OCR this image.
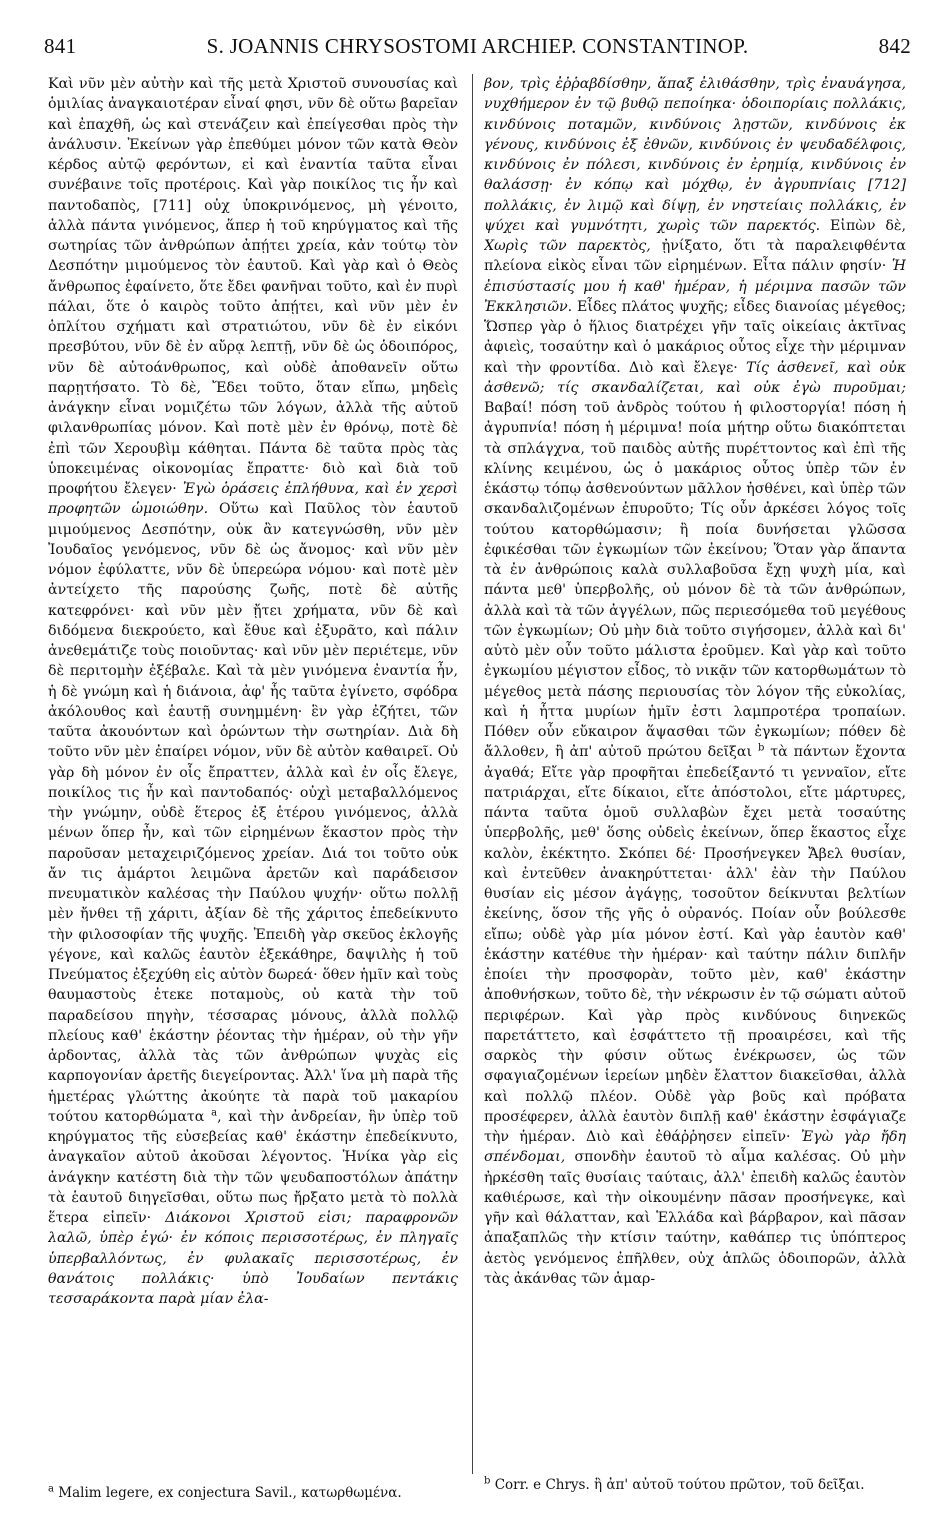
841	S. JOANNIS CHRYSOSTOMI ARCHIEP. CONSTANTINOP.	842

Καὶ νῦν μὲν αὐτὴν καὶ τῆς μετὰ Χριστοῦ συνουσίας καὶ ὁμιλίας ἀναγκαιοτέραν εἶναί φησι, νῦν δὲ οὕτω βαρεῖαν καὶ ἐπαχθῆ, ὡς καὶ στενάζειν καὶ ἐπείγεσθαι πρὸς τὴν ἀνάλυσιν. Ἐκείνων γὰρ ἐπεθύμει μόνον τῶν κατὰ Θεὸν κέρδος αὐτῷ φερόντων, εἰ καὶ ἐναντία ταῦτα εἶναι συνέβαινε τοῖς προτέροις. Καὶ γὰρ ποικίλος τις ἦν καὶ παντοδαπὸς, [711] οὐχ ὑποκρινόμενος, μὴ γένοιτο, ἀλλὰ πάντα γινόμενος, ἅπερ ἡ τοῦ κηρύγματος καὶ τῆς σωτηρίας τῶν ἀνθρώπων ἀπῄτει χρεία, κἀν τούτῳ τὸν Δεσπότην μιμούμενος τὸν ἑαυτοῦ. Καὶ γὰρ καὶ ὁ Θεὸς ἄνθρωπος ἐφαίνετο, ὅτε ἔδει φανῆναι τοῦτο, καὶ ἐν πυρὶ πάλαι, ὅτε ὁ καιρὸς τοῦτο ἀπῄτει, καὶ νῦν μὲν ἐν ὁπλίτου σχήματι καὶ στρατιώτου, νῦν δὲ ἐν εἰκόνι πρεσβύτου, νῦν δὲ ἐν αὔρᾳ λεπτῇ, νῦν δὲ ὡς ὁδοιπόρος, νῦν δὲ αὐτοάνθρωπος, καὶ οὐδὲ ἀποθανεῖν οὕτω παρῃτήσατο. Τὸ δὲ, Ἔδει τοῦτο, ὅταν εἴπω, μηδεὶς ἀνάγκην εἶναι νομιζέτω τῶν λόγων, ἀλλὰ τῆς αὐτοῦ φιλανθρωπίας μόνον. Καὶ ποτὲ μὲν ἐν θρόνῳ, ποτὲ δὲ ἐπὶ τῶν Χερουβὶμ κάθηται. Πάντα δὲ ταῦτα πρὸς τὰς ὑποκειμένας οἰκονομίας ἔπραττε· διὸ καὶ διὰ τοῦ προφήτου ἔλεγεν· Ἐγὼ ὁράσεις ἐπλήθυνα, καὶ ἐν χερσὶ προφητῶν ὡμοιώθην. Οὕτω καὶ Παῦλος τὸν ἑαυτοῦ μιμούμενος Δεσπότην, οὐκ ἂν κατεγνώσθη, νῦν μὲν Ἰουδαῖος γενόμενος, νῦν δὲ ὡς ἄνομος· καὶ νῦν μὲν νόμον ἐφύλαττε, νῦν δὲ ὑπερεώρα νόμου· καὶ ποτὲ μὲν ἀντείχετο τῆς παρούσης ζωῆς, ποτὲ δὲ αὐτῆς κατεφρόνει· καὶ νῦν μὲν ᾔτει χρήματα, νῦν δὲ καὶ διδόμενα διεκρούετο, καὶ ἔθυε καὶ ἐξυρᾶτο, καὶ πάλιν ἀνεθεμάτιζε τοὺς ποιοῦντας· καὶ νῦν μὲν περιέτεμε, νῦν δὲ περιτομὴν ἐξέβαλε. Καὶ τὰ μὲν γινόμενα ἐναντία ἦν, ἡ δὲ γνώμη καὶ ἡ διάνοια, ἀφ' ἧς ταῦτα ἐγίνετο, σφόδρα ἀκόλουθος καὶ ἑαυτῇ συνημμένη· ἓν γὰρ ἐζήτει, τῶν ταῦτα ἀκουόντων καὶ ὁρώντων τὴν σωτηρίαν. Διὰ δὴ τοῦτο νῦν μὲν ἐπαίρει νόμον, νῦν δὲ αὐτὸν καθαιρεῖ. Οὐ γὰρ δὴ μόνον ἐν οἷς ἔπραττεν, ἀλλὰ καὶ ἐν οἷς ἔλεγε, ποικίλος τις ἦν καὶ παντοδαπός· οὐχὶ μεταβαλλόμενος τὴν γνώμην, οὐδὲ ἕτερος ἐξ ἑτέρου γινόμενος, ἀλλὰ μένων ὅπερ ἦν, καὶ τῶν εἰρημένων ἕκαστον πρὸς τὴν παροῦσαν μεταχειριζόμενος χρείαν. Διά τοι τοῦτο οὐκ ἄν τις ἁμάρτοι λειμῶνα ἀρετῶν καὶ παράδεισον πνευματικὸν καλέσας τὴν Παύλου ψυχήν· οὕτω πολλῇ μὲν ἤνθει τῇ χάριτι, ἀξίαν δὲ τῆς χάριτος ἐπεδείκνυτο τὴν φιλοσοφίαν τῆς ψυχῆς. Ἐπειδὴ γὰρ σκεῦος ἐκλογῆς γέγονε, καὶ καλῶς ἑαυτὸν ἐξεκάθηρε, δαψιλὴς ἡ τοῦ Πνεύματος ἐξεχύθη εἰς αὐτὸν δωρεά· ὅθεν ἡμῖν καὶ τοὺς θαυμαστοὺς ἐτεκε ποταμοὺς, οὐ κατὰ τὴν τοῦ παραδείσου πηγὴν, τέσσαρας μόνους, ἀλλὰ πολλῷ πλείους καθ' ἑκάστην ῥέοντας τὴν ἡμέραν, οὐ τὴν γῆν ἀρδοντας, ἀλλὰ τὰς τῶν ἀνθρώπων ψυχὰς εἰς καρπογονίαν ἀρετῆς διεγείροντας. Ἀλλ' ἵνα μὴ παρὰ τῆς ἡμετέρας γλώττης ἀκούητε τὰ παρὰ τοῦ μακαρίου τούτου κατορθώματα $^a$, καὶ τὴν ἀνδρείαν, ἣν ὑπὲρ τοῦ κηρύγματος τῆς εὐσεβείας καθ' ἑκάστην ἐπεδείκνυτο, ἀναγκαῖον αὐτοῦ ἀκοῦσαι λέγοντος. Ἡνίκα γὰρ εἰς ἀνάγκην κατέστη διὰ τὴν τῶν ψευδαποστόλων ἀπάτην τὰ ἑαυτοῦ διηγεῖσθαι, οὕτω πως ἤρξατο μετὰ τὸ πολλὰ ἕτερα εἰπεῖν· Διάκονοι Χριστοῦ εἰσι; παραφρονῶν λαλῶ, ὑπὲρ ἐγώ· ἐν κόποις περισσοτέρως, ἐν πληγαῖς ὑπερβαλλόντως, ἐν φυλακαῖς περισσοτέρως, ἐν θανάτοις πολλάκις· ὑπὸ Ἰουδαίων πεντάκις τεσσαράκοντα παρὰ μίαν ἐλα-

βον, τρὶς ἐῤῥαβδίσθην, ἅπαξ ἐλιθάσθην, τρὶς ἐναυάγησα, νυχθήμερον ἐν τῷ βυθῷ πεποίηκα· ὁδοιπορίαις πολλάκις, κινδύνοις ποταμῶν, κινδύνοις λῃστῶν, κινδύνοις ἐκ γένους, κινδύνοις ἐξ ἐθνῶν, κινδύνοις ἐν ψευδαδέλφοις, κινδύνοις ἐν πόλεσι, κινδύνοις ἐν ἐρημίᾳ, κινδύνοις ἐν θαλάσσῃ· ἐν κόπῳ καὶ μόχθῳ, ἐν ἀγρυπνίαις [712] πολλάκις, ἐν λιμῷ καὶ δίψῃ, ἐν νηστείαις πολλάκις, ἐν ψύχει καὶ γυμνότητι, χωρὶς τῶν παρεκτός. Εἰπὼν δὲ, Χωρὶς τῶν παρεκτὸς, ᾐνίξατο, ὅτι τὰ παραλειφθέντα πλείονα εἰκὸς εἶναι τῶν εἰρημένων. Εἶτα πάλιν φησίν· Ἡ ἐπισύστασίς μου ἡ καθ' ἡμέραν, ἡ μέριμνα πασῶν τῶν Ἐκκλησιῶν. Εἶδες πλάτος ψυχῆς; εἶδες διανοίας μέγεθος; Ὥσπερ γὰρ ὁ ἥλιος διατρέχει γῆν ταῖς οἰκείαις ἀκτῖνας ἀφιεὶς, τοσαύτην καὶ ὁ μακάριος οὗτος εἶχε τὴν μέριμναν καὶ τὴν φροντίδα. Διὸ καὶ ἔλεγε· Τίς ἀσθενεῖ, καὶ οὐκ ἀσθενῶ; τίς σκανδαλίζεται, καὶ οὐκ ἐγὼ πυροῦμαι; Βαβαί! πόση τοῦ ἀνδρὸς τούτου ἡ φιλοστοργία! πόση ἡ ἀγρυπνία! πόση ἡ μέριμνα! ποία μήτηρ οὕτω διακόπτεται τὰ σπλάγχνα, τοῦ παιδὸς αὐτῆς πυρέττοντος καὶ ἐπὶ τῆς κλίνης κειμένου, ὡς ὁ μακάριος οὗτος ὑπὲρ τῶν ἐν ἑκάστῳ τόπῳ ἀσθενούντων μᾶλλον ἠσθένει, καὶ ὑπὲρ τῶν σκανδαλιζομένων ἐπυροῦτο; Τίς οὖν ἀρκέσει λόγος τοῖς τούτου κατορθώμασιν; ἢ ποία δυνήσεται γλῶσσα ἐφικέσθαι τῶν ἐγκωμίων τῶν ἐκείνου; Ὅταν γὰρ ἅπαντα τὰ ἐν ἀνθρώποις καλὰ συλλαβοῦσα ἔχῃ ψυχὴ μία, καὶ πάντα μεθ' ὑπερβολῆς, οὐ μόνον δὲ τὰ τῶν ἀνθρώπων, ἀλλὰ καὶ τὰ τῶν ἀγγέλων, πῶς περιεσόμεθα τοῦ μεγέθους τῶν ἐγκωμίων; Οὐ μὴν διὰ τοῦτο σιγήσομεν, ἀλλὰ καὶ δι' αὐτὸ μὲν οὖν τοῦτο μάλιστα ἐροῦμεν. Καὶ γὰρ καὶ τοῦτο ἐγκωμίου μέγιστον εἶδος, τὸ νικᾷν τῶν κατορθωμάτων τὸ μέγεθος μετὰ πάσης περιουσίας τὸν λόγον τῆς εὐκολίας, καὶ ἡ ἧττα μυρίων ἡμῖν ἐστι λαμπροτέρα τροπαίων. Πόθεν οὖν εὔκαιρον ἅψασθαι τῶν ἐγκωμίων; πόθεν δὲ ἄλλοθεν, ἢ ἀπ' αὐτοῦ πρώτου δεῖξαι $^b$ τὰ πάντων ἔχοντα ἀγαθά; Εἴτε γὰρ προφῆται ἐπεδείξαντό τι γενναῖον, εἴτε πατριάρχαι, εἴτε δίκαιοι, εἴτε ἀπόστολοι, εἴτε μάρτυρες, πάντα ταῦτα ὁμοῦ συλλαβὼν ἔχει μετὰ τοσαύτης ὑπερβολῆς, μεθ' ὅσης οὐδεὶς ἐκείνων, ὅπερ ἕκαστος εἶχε καλὸν, ἐκέκτητο. Σκόπει δέ· Προσήνεγκεν Ἄβελ θυσίαν, καὶ ἐντεῦθεν ἀνακηρύττεται· ἀλλ' ἐὰν τὴν Παύλου θυσίαν εἰς μέσον ἀγάγῃς, τοσοῦτον δείκνυται βελτίων ἐκείνης, ὅσον τῆς γῆς ὁ οὐρανός. Ποίαν οὖν βούλεσθε εἴπω; οὐδὲ γὰρ μία μόνον ἐστί. Καὶ γὰρ ἑαυτὸν καθ' ἑκάστην κατέθυε τὴν ἡμέραν· καὶ ταύτην πάλιν διπλῆν ἐποίει τὴν προσφορὰν, τοῦτο μὲν, καθ' ἑκάστην ἀποθνήσκων, τοῦτο δὲ, τὴν νέκρωσιν ἐν τῷ σώματι αὐτοῦ περιφέρων. Καὶ γὰρ πρὸς κινδύνους διηνεκῶς παρετάττετο, καὶ ἐσφάττετο τῇ προαιρέσει, καὶ τῆς σαρκὸς τὴν φύσιν οὕτως ἐνέκρωσεν, ὡς τῶν σφαγιαζομένων ἱερείων μηδὲν ἔλαττον διακεῖσθαι, ἀλλὰ καὶ πολλῷ πλέον. Οὐδὲ γὰρ βοῦς καὶ πρόβατα προσέφερεν, ἀλλὰ ἑαυτὸν διπλῇ καθ' ἑκάστην ἐσφάγιαζε τὴν ἡμέραν. Διὸ καὶ ἐθάῤῥησεν εἰπεῖν· Ἐγὼ γὰρ ἤδη σπένδομαι, σπονδὴν ἑαυτοῦ τὸ αἷμα καλέσας. Οὐ μὴν ἠρκέσθη ταῖς θυσίαις ταύταις, ἀλλ' ἐπειδὴ καλῶς ἑαυτὸν καθιέρωσε, καὶ τὴν οἰκουμένην πᾶσαν προσήνεγκε, καὶ γῆν καὶ θάλατταν, καὶ Ἑλλάδα καὶ βάρβαρον, καὶ πᾶσαν ἁπαξαπλῶς τὴν κτίσιν ταύτην, καθάπερ τις ὑπόπτερος ἀετὸς γενόμενος ἐπῆλθεν, οὐχ ἁπλῶς ὁδοιπορῶν, ἀλλὰ τὰς ἀκάνθας τῶν ἁμαρ-

$^a$ Malim legere, ex conjectura Savil., κατωρθωμένα.
$^b$ Corr. e Chrys. ἢ ἀπ' αὐτοῦ τούτου πρῶτον, τοῦ δεῖξαι.
